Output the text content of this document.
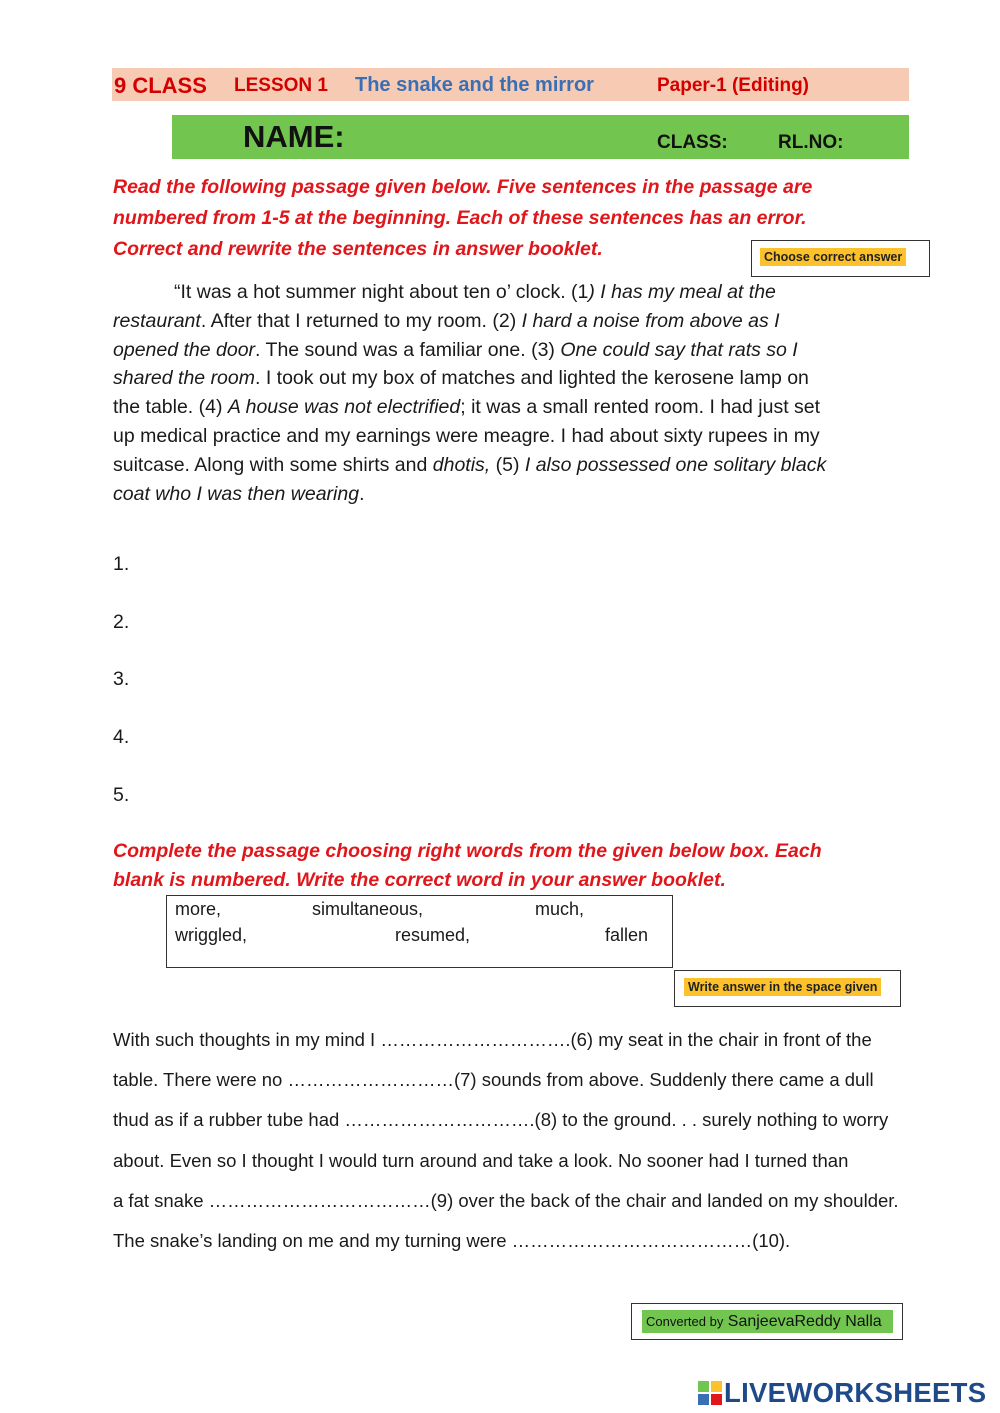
9 CLASS LESSON 1 The snake and the mirror	Paper-1 (Editing)
NAME:	CLASS:	RL.NO:
Read the following passage given below. Five sentences in the passage are
numbered from 1-5 at the beginning. Each of these sentences has an error.
Correct and rewrite the sentences in answer booklet.	Choose correct answer
“It was a hot summer night about ten o’ clock. (1) I has my meal at the
restaurant. After that I returned to my room. (2) I hard a noise from above as I
opened the door. The sound was a familiar one. (3) One could say that rats so I
shared the room. I took out my box of matches and lighted the kerosene lamp on
the table. (4) A house was not electrified; it was a small rented room. I had just set
up medical practice and my earnings were meagre. I had about sixty rupees in my
suitcase. Along with some shirts and dhotis, (5) I also possessed one solitary black
coat who I was then wearing.
1.
2.
3.
4.
5.
Complete the passage choosing right words from the given below box. Each
blank is numbered. Write the correct word in your answer booklet.
more,	simultaneous,	much,
wriggled,	resumed,	fallen
Write answer in the space given
With such thoughts in my mind I ………………………….(6) my seat in the chair in front of the
table. There were no ………………………(7) sounds from above. Suddenly there came a dull
thud as if a rubber tube had ………………………….(8) to the ground. . . surely nothing to worry
about. Even so I thought I would turn around and take a look. No sooner had I turned than
a fat snake ………………………………(9) over the back of the chair and landed on my shoulder.
The snake’s landing on me and my turning were …………………………………(10).
Converted by SanjeevaReddy Nalla
LIVEWORKSHEETS
